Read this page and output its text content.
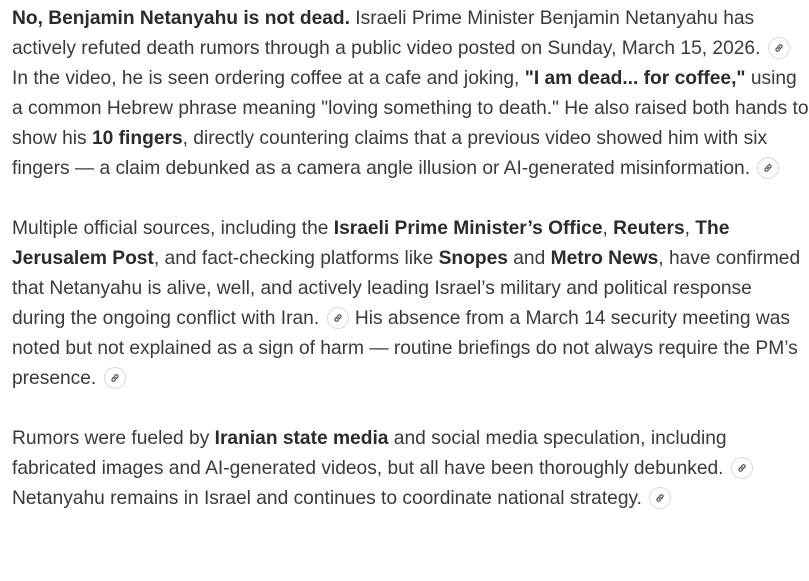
No, Benjamin Netanyahu is not dead. Israeli Prime Minister Benjamin Netanyahu has actively refuted death rumors through a public video posted on Sunday, March 15, 2026.
In the video, he is seen ordering coffee at a cafe and joking, "I am dead... for coffee," using a common Hebrew phrase meaning "loving something to death." He also raised both hands to show his 10 fingers, directly countering claims that a previous video showed him with six fingers — a claim debunked as a camera angle illusion or AI-generated misinformation.

Multiple official sources, including the Israeli Prime Minister’s Office, Reuters, The Jerusalem Post, and fact-checking platforms like Snopes and Metro News, have confirmed that Netanyahu is alive, well, and actively leading Israel’s military and political response during the ongoing conflict with Iran.
His absence from a March 14 security meeting was noted but not explained as a sign of harm — routine briefings do not always require the PM’s presence.

Rumors were fueled by Iranian state media and social media speculation, including fabricated images and AI-generated videos, but all have been thoroughly debunked.
Netanyahu remains in Israel and continues to coordinate national strategy.
